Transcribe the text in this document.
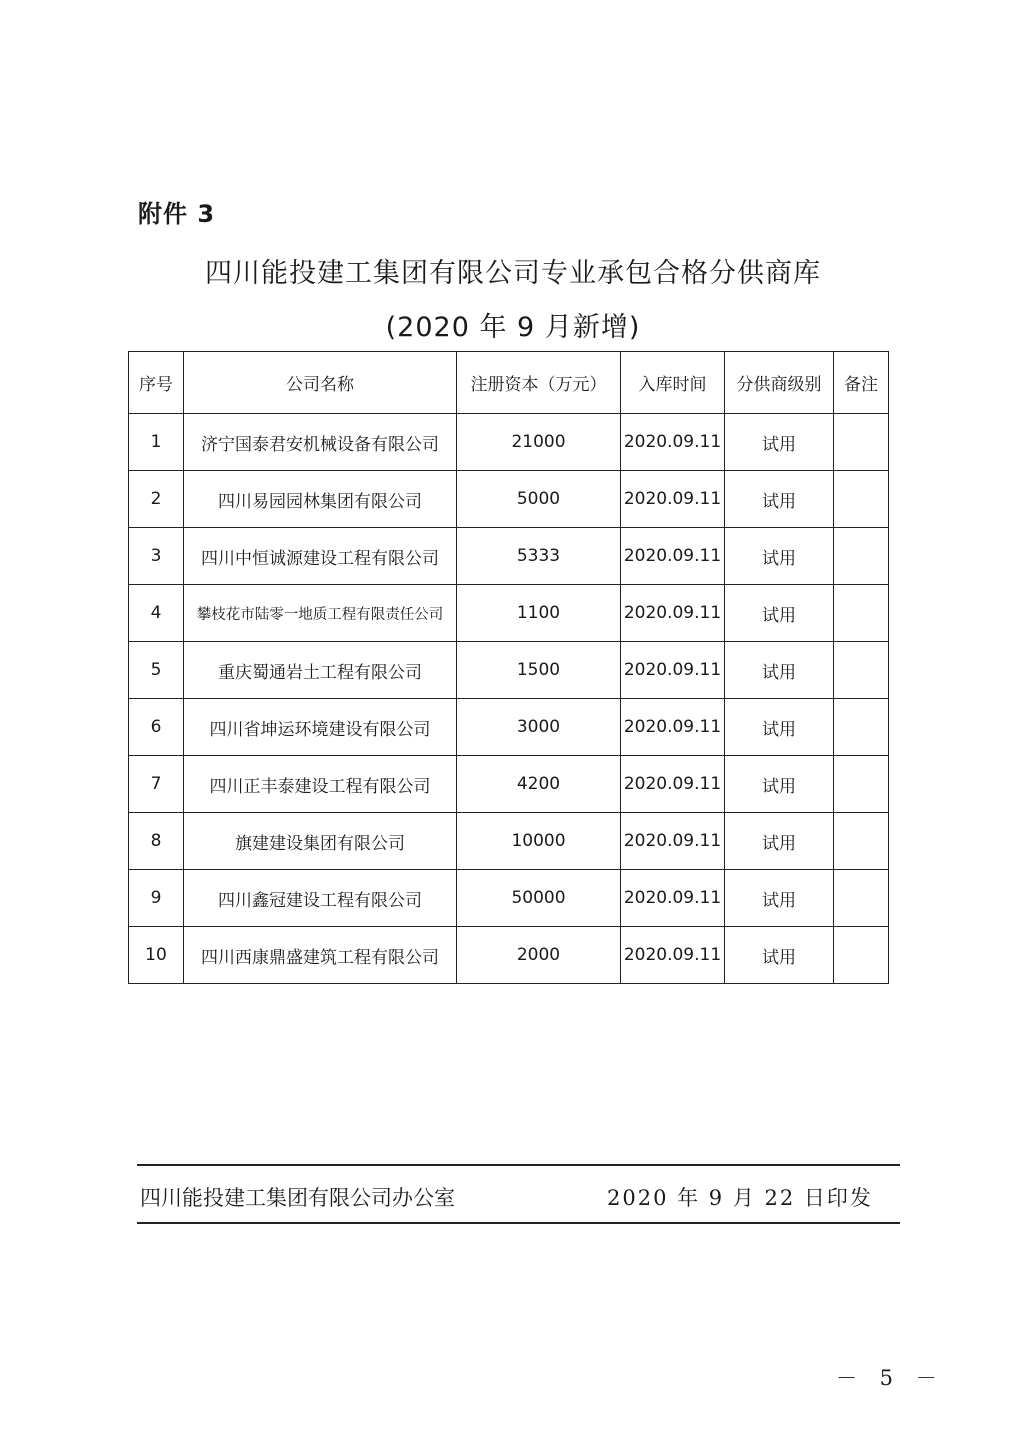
附件 3
四川能投建工集团有限公司专业承包合格分供商库
(2020 年 9 月新增)
序号	公司名称	注册资本（万元）	入库时间	分供商级别	备注
1	济宁国泰君安机械设备有限公司	21000	2020.09.11	试用	
2	四川易园园林集团有限公司	5000	2020.09.11	试用	
3	四川中恒诚源建设工程有限公司	5333	2020.09.11	试用	
4	攀枝花市陆零一地质工程有限责任公司	1100	2020.09.11	试用	
5	重庆蜀通岩土工程有限公司	1500	2020.09.11	试用	
6	四川省坤运环境建设有限公司	3000	2020.09.11	试用	
7	四川正丰泰建设工程有限公司	4200	2020.09.11	试用	
8	旗建建设集团有限公司	10000	2020.09.11	试用	
9	四川鑫冠建设工程有限公司	50000	2020.09.11	试用	
10	四川西康鼎盛建筑工程有限公司	2000	2020.09.11	试用	
四川能投建工集团有限公司办公室	2020 年 9 月 22 日印发
－ 5 －
